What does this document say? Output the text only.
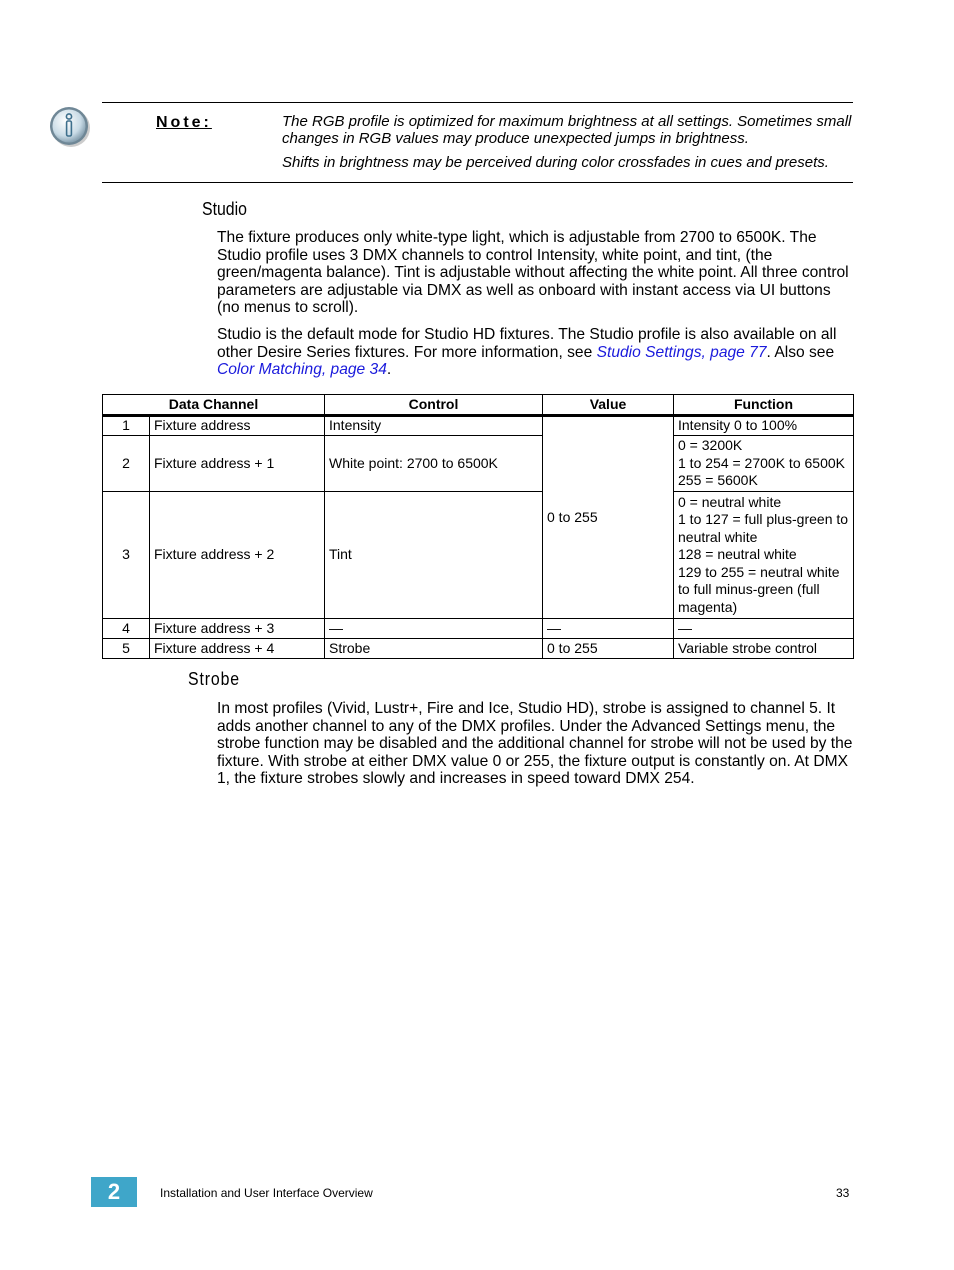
Note:	The RGB profile is optimized for maximum brightness at all settings. Sometimes small changes in RGB values may produce unexpected jumps in brightness.

Shifts in brightness may be perceived during color crossfades in cues and presets.

Studio

The fixture produces only white-type light, which is adjustable from 2700 to 6500K. The Studio profile uses 3 DMX channels to control Intensity, white point, and tint, (the green/magenta balance). Tint is adjustable without affecting the white point. All three control parameters are adjustable via DMX as well as onboard with instant access via UI buttons (no menus to scroll).

Studio is the default mode for Studio HD fixtures. The Studio profile is also available on all other Desire Series fixtures. For more information, see Studio Settings, page 77. Also see Color Matching, page 34.

Data Channel		Control	Value	Function
1	Fixture address	Intensity	0 to 255	Intensity 0 to 100%

2	Fixture address + 1	White point: 2700 to 6500K		0 = 3200K
1 to 254 = 2700K to 6500K
255 = 5600K

3	Fixture address + 2	Tint		0 = neutral white
1 to 127 = full plus-green to neutral white
128 = neutral white
129 to 255 = neutral white to full minus-green (full magenta)

4	Fixture address + 3	—	—	—

5	Fixture address + 4	Strobe	0 to 255	Variable strobe control
Strobe

In most profiles (Vivid, Lustr+, Fire and Ice, Studio HD), strobe is assigned to channel 5. It adds another channel to any of the DMX profiles. Under the Advanced Settings menu, the strobe function may be disabled and the additional channel for strobe will not be used by the fixture. With strobe at either DMX value 0 or 255, the fixture output is constantly on. At DMX 1, the fixture strobes slowly and increases in speed toward DMX 254.

2	Installation and User Interface Overview	33
